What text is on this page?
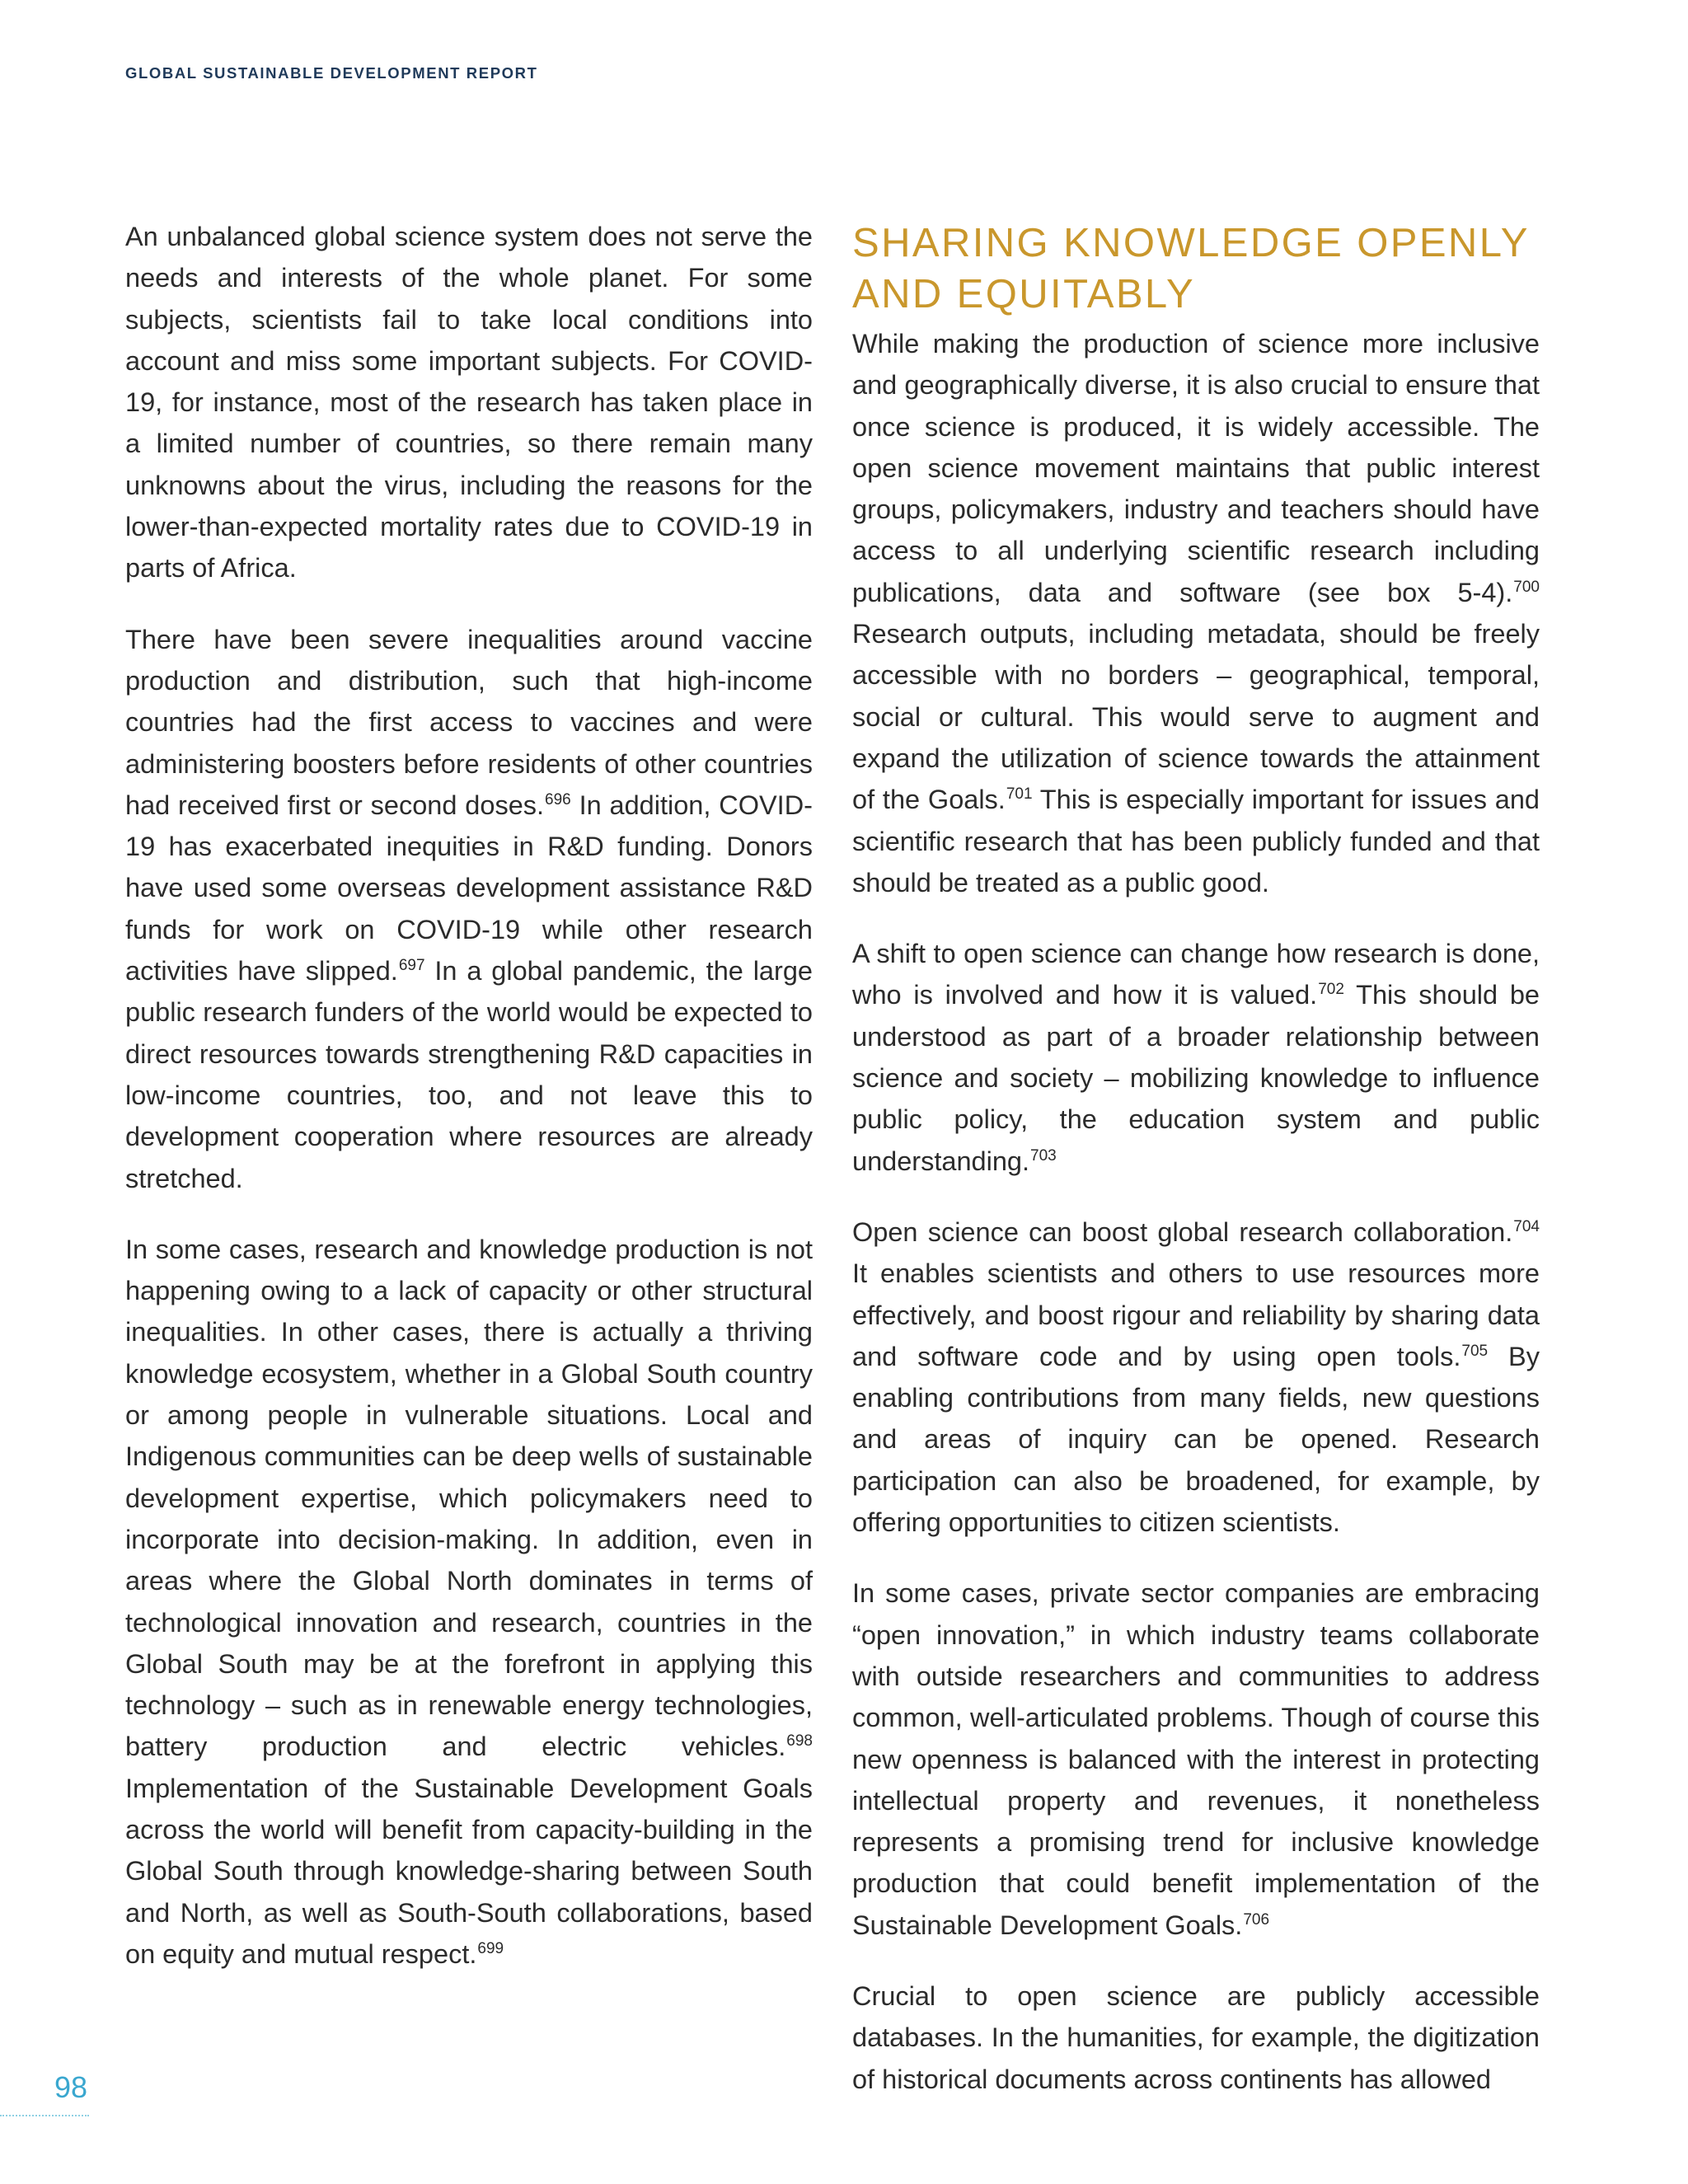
GLOBAL SUSTAINABLE DEVELOPMENT REPORT

An unbalanced global science system does not serve the needs and interests of the whole planet. For some subjects, scientists fail to take local conditions into account and miss some important subjects. For COVID-19, for instance, most of the research has taken place in a limited number of countries, so there remain many unknowns about the virus, including the reasons for the lower-than-expected mortality rates due to COVID-19 in parts of Africa.

There have been severe inequalities around vaccine production and distribution, such that high-income countries had the first access to vaccines and were administering boosters before residents of other countries had received first or second doses.$^{696}$ In addition, COVID-19 has exacerbated inequities in R&D funding. Donors have used some overseas development assistance R&D funds for work on COVID-19 while other research activities have slipped.$^{697}$ In a global pandemic, the large public research funders of the world would be expected to direct resources towards strengthening R&D capacities in low-income countries, too, and not leave this to development cooperation where resources are already stretched.

In some cases, research and knowledge production is not happening owing to a lack of capacity or other structural inequalities. In other cases, there is actually a thriving knowledge ecosystem, whether in a Global South country or among people in vulnerable situations. Local and Indigenous communities can be deep wells of sustainable development expertise, which policymakers need to incorporate into decision-making. In addition, even in areas where the Global North dominates in terms of technological innovation and research, countries in the Global South may be at the forefront in applying this technology – such as in renewable energy technologies, battery production and electric vehicles.$^{698}$ Implementation of the Sustainable Development Goals across the world will benefit from capacity-building in the Global South through knowledge-sharing between South and North, as well as South-South collaborations, based on equity and mutual respect.$^{699}$

SHARING KNOWLEDGE OPENLY AND EQUITABLY

While making the production of science more inclusive and geographically diverse, it is also crucial to ensure that once science is produced, it is widely accessible. The open science movement maintains that public interest groups, policymakers, industry and teachers should have access to all underlying scientific research including publications, data and software (see box 5-4).$^{700}$ Research outputs, including metadata, should be freely accessible with no borders – geographical, temporal, social or cultural. This would serve to augment and expand the utilization of science towards the attainment of the Goals.$^{701}$ This is especially important for issues and scientific research that has been publicly funded and that should be treated as a public good.

A shift to open science can change how research is done, who is involved and how it is valued.$^{702}$ This should be understood as part of a broader relationship between science and society – mobilizing knowledge to influence public policy, the education system and public understanding.$^{703}$

Open science can boost global research collaboration.$^{704}$ It enables scientists and others to use resources more effectively, and boost rigour and reliability by sharing data and software code and by using open tools.$^{705}$ By enabling contributions from many fields, new questions and areas of inquiry can be opened. Research participation can also be broadened, for example, by offering opportunities to citizen scientists.

In some cases, private sector companies are embracing “open innovation,” in which industry teams collaborate with outside researchers and communities to address common, well-articulated problems. Though of course this new openness is balanced with the interest in protecting intellectual property and revenues, it nonetheless represents a promising trend for inclusive knowledge production that could benefit implementation of the Sustainable Development Goals.$^{706}$

Crucial to open science are publicly accessible databases. In the humanities, for example, the digitization of historical documents across continents has allowed

98
